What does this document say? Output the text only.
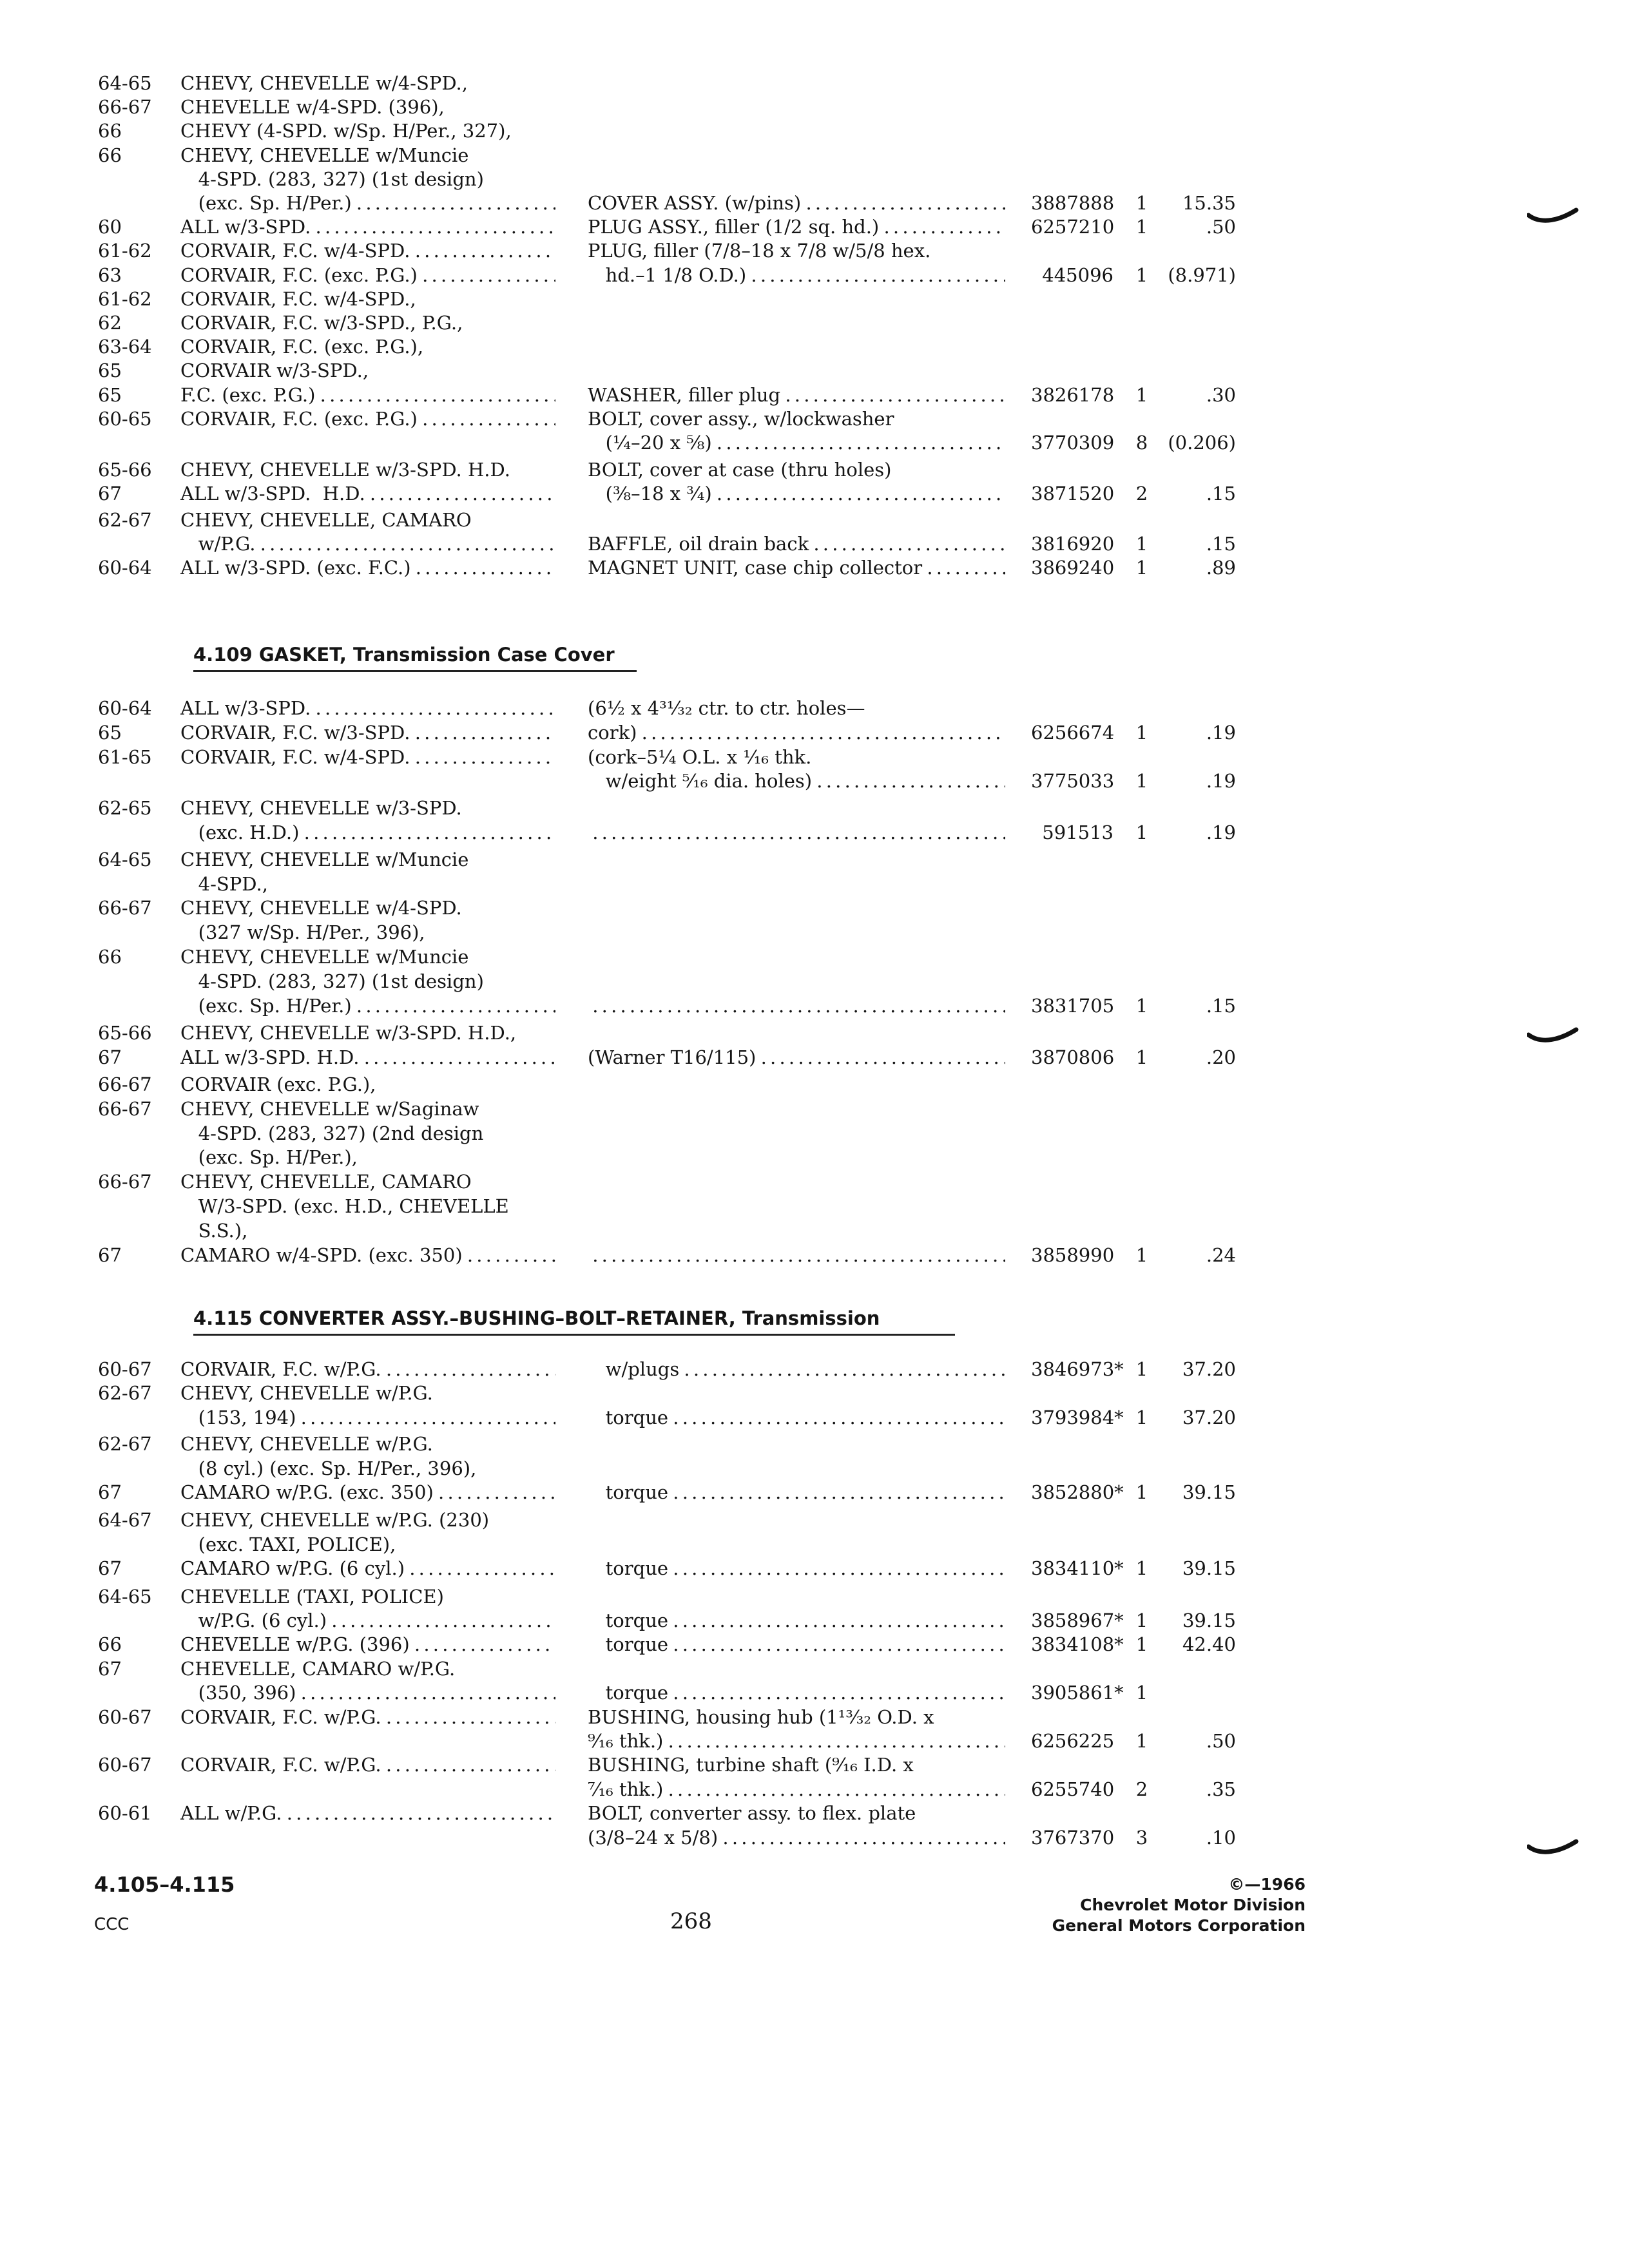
64-65 CHEVY, CHEVELLE w/4-SPD.,
66-67 CHEVELLE w/4-SPD. (396),
66	CHEVY (4-SPD. w/Sp. H/Per., 327),
66	CHEVY, CHEVELLE w/Muncie
4-SPD. (283, 327) (1st design)
(exc. Sp. H/Per.) . . .	COVER ASSY. (w/pins) . . .	3887888	1	15.35
60	ALL w/3-SPD. . . .	PLUG ASSY., filler (1/2 sq. hd.) . . .	6257210	1	.50
61-62 CORVAIR, F.C. w/4-SPD. . . .	PLUG, filler (7/8–18 x 7/8 w/5/8 hex.
63	CORVAIR, F.C. (exc. P.G.) . . .	hd.–1 1/8 O.D.) . . .	445096	1	(8.971)
61-62 CORVAIR, F.C. w/4-SPD.,
62	CORVAIR, F.C. w/3-SPD., P.G.,
63-64 CORVAIR, F.C. (exc. P.G.),
65	CORVAIR w/3-SPD.,
65	F.C. (exc. P.G.) . . .	WASHER, filler plug . . .	3826178	1	.30
60-65 CORVAIR, F.C. (exc. P.G.) . . .	BOLT, cover assy., w/lockwasher
(¼–20 x ⅝) . . .	3770309	8	(0.206)
65-66 CHEVY, CHEVELLE w/3-SPD. H.D.	BOLT, cover at case (thru holes)
67	ALL w/3-SPD.  H.D. . . .	(⅜–18 x ¾) . . .	3871520	2	.15
62-67 CHEVY, CHEVELLE, CAMARO
w/P.G. . . .	BAFFLE, oil drain back . . .	3816920	1	.15
60-64 ALL w/3-SPD. (exc. F.C.) . . .	MAGNET UNIT, case chip collector . . .	3869240	1	.89
4.109 GASKET, Transmission Case Cover
60-64 ALL w/3-SPD. . . .	(6½ x 4³¹⁄₃₂ ctr. to ctr. holes—
65	CORVAIR, F.C. w/3-SPD. . . .	cork) . . .	6256674	1	.19
61-65 CORVAIR, F.C. w/4-SPD. . . .	(cork–5¼ O.L. x ¹⁄₁₆ thk.
w/eight ⁵⁄₁₆ dia. holes) . . .	3775033	1	.19
62-65 CHEVY, CHEVELLE w/3-SPD.
(exc. H.D.) . . . . . .	591513	1	.19
64-65 CHEVY, CHEVELLE w/Muncie
4-SPD.,
66-67 CHEVY, CHEVELLE w/4-SPD.
(327 w/Sp. H/Per., 396),
66	CHEVY, CHEVELLE w/Muncie
4-SPD. (283, 327) (1st design)
(exc. Sp. H/Per.) . . . . . .	3831705	1	.15
65-66 CHEVY, CHEVELLE w/3-SPD. H.D.,
67	ALL w/3-SPD. H.D. . . .	(Warner T16/115) . . .	3870806	1	.20
66-67 CORVAIR (exc. P.G.),
66-67 CHEVY, CHEVELLE w/Saginaw
4-SPD. (283, 327) (2nd design
(exc. Sp. H/Per.),
66-67 CHEVY, CHEVELLE, CAMARO
W/3-SPD. (exc. H.D., CHEVELLE
S.S.),
67	CAMARO w/4-SPD. (exc. 350) . . . . . .	3858990	1	.24
4.115 CONVERTER ASSY.–BUSHING–BOLT–RETAINER, Transmission
60-67 CORVAIR, F.C. w/P.G. . . .	w/plugs . . .	3846973* 1	37.20
62-67 CHEVY, CHEVELLE w/P.G.
(153, 194) . . .	torque . . .	3793984* 1	37.20
62-67 CHEVY, CHEVELLE w/P.G.
(8 cyl.) (exc. Sp. H/Per., 396),
67	CAMARO w/P.G. (exc. 350) . . .	torque . . .	3852880* 1	39.15
64-67 CHEVY, CHEVELLE w/P.G. (230)
(exc. TAXI, POLICE),
67	CAMARO w/P.G. (6 cyl.) . . .	torque . . .	3834110* 1	39.15
64-65 CHEVELLE (TAXI, POLICE)
w/P.G. (6 cyl.) . . .	torque . . .	3858967* 1	39.15
66	CHEVELLE w/P.G. (396) . . .	torque . . .	3834108* 1	42.40
67	CHEVELLE, CAMARO w/P.G.
(350, 396) . . .	torque . . .	3905861* 1
60-67 CORVAIR, F.C. w/P.G. . . .	BUSHING, housing hub (1¹³⁄₃₂ O.D. x
⁹⁄₁₆ thk.) . . .	6256225	1	.50
60-67 CORVAIR, F.C. w/P.G. . . .	BUSHING, turbine shaft (⁹⁄₁₆ I.D. x
⁷⁄₁₆ thk.) . . .	6255740	2	.35
60-61 ALL w/P.G. . . .	BOLT, converter assy. to flex. plate
(3/8–24 x 5/8) . . .	3767370	3	.10
4.105–4.115
CCC	268
©—1966
Chevrolet Motor Division
General Motors Corporation
